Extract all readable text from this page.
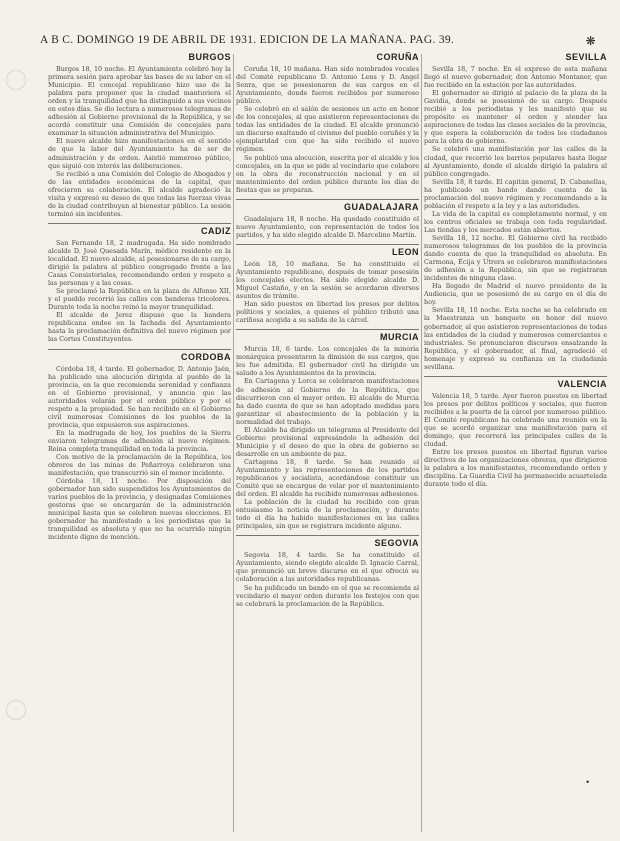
A B C. DOMINGO 19 DE ABRIL DE 1931. EDICION DE LA MAÑANA. PAG. 39.	❋
BURGOS

Burgos 18, 10 noche. El Ayuntamiento celebró hoy la primera sesión para aprobar las bases de su labor en el Municipio. El concejal republicano hizo uso de la palabra para proponer que la ciudad mantuviera el orden y la tranquilidad que ha distinguido a sus vecinos en estos días. Se dio lectura a numerosos telegramas de adhesión al Gobierno provisional de la República, y se acordó constituir una Comisión de concejales para examinar la situación administrativa del Municipio.

El nuevo alcalde hizo manifestaciones en el sentido de que la labor del Ayuntamiento ha de ser de administración y de orden. Asistió numeroso público, que siguió con interés las deliberaciones.

Se recibió a una Comisión del Colegio de Abogados y de las entidades económicas de la capital, que ofrecieron su colaboración. El alcalde agradeció la visita y expresó su deseo de que todas las fuerzas vivas de la ciudad contribuyan al bienestar público. La sesión terminó sin incidentes.

CADIZ

San Fernando 18, 2 madrugada. Ha sido nombrado alcalde D. José Quesada Marín, médico residente en la localidad. El nuevo alcalde, al posesionarse de su cargo, dirigió la palabra al público congregado frente a las Casas Consistoriales, recomendando orden y respeto a las personas y a las cosas.

Se proclamó la República en la plaza de Alfonso XII, y el pueblo recorrió las calles con banderas tricolores. Durante toda la noche reinó la mayor tranquilidad.

El alcalde de Jerez dispuso que la bandera republicana ondee en la fachada del Ayuntamiento hasta la proclamación definitiva del nuevo régimen por las Cortes Constituyentes.

CORDOBA

Córdoba 18, 4 tarde. El gobernador, D. Antonio Jaén, ha publicado una alocución dirigida al pueblo de la provincia, en la que recomienda serenidad y confianza en el Gobierno provisional, y anuncia que las autoridades velarán por el orden público y por el respeto a la propiedad. Se han recibido en el Gobierno civil numerosas Comisiones de los pueblos de la provincia, que expusieron sus aspiraciones.

En la madrugada de hoy, los pueblos de la Sierra enviaron telegramas de adhesión al nuevo régimen. Reina completa tranquilidad en toda la provincia.

Con motivo de la proclamación de la República, los obreros de las minas de Peñarroya celebraron una manifestación, que transcurrió sin el menor incidente.

Córdoba 18, 11 noche. Por disposición del gobernador han sido suspendidos los Ayuntamientos de varios pueblos de la provincia, y designadas Comisiones gestoras que se encargarán de la administración municipal hasta que se celebren nuevas elecciones. El gobernador ha manifestado a los periodistas que la tranquilidad es absoluta y que no ha ocurrido ningún incidente digno de mención.

CORUÑA

Coruña 18, 10 mañana. Han sido nombrados vocales del Comité republicano D. Antonio Lens y D. Angel Senra, que se posesionaron de sus cargos en el Ayuntamiento, donde fueron recibidos por numeroso público.

Se celebró en el salón de sesiones un acto en honor de los concejales, al que asistieron representaciones de todas las entidades de la ciudad. El alcalde pronunció un discurso exaltando el civismo del pueblo coruñés y la ejemplaridad con que ha sido recibido el nuevo régimen.

Se publicó una alocución, suscrita por el alcalde y los concejales, en la que se pide al vecindario que colabore en la obra de reconstrucción nacional y en el mantenimiento del orden público durante los días de fiestas que se preparan.

GUADALAJARA

Guadalajara 18, 8 noche. Ha quedado constituido el nuevo Ayuntamiento, con representación de todos los partidos, y ha sido elegido alcalde D. Marcelino Martín.

LEON

León 18, 10 mañana. Se ha constituido el Ayuntamiento republicano, después de tomar posesión los concejales electos. Ha sido elegido alcalde D. Miguel Castaño, y en la sesión se acordaron diversos asuntos de trámite.

Han sido puestos en libertad los presos por delitos políticos y sociales, a quienes el público tributó una cariñosa acogida a su salida de la cárcel.

MURCIA

Murcia 18, 6 tarde. Los concejales de la minoría monárquica presentaron la dimisión de sus cargos, que les fue admitida. El gobernador civil ha dirigido un saludo a los Ayuntamientos de la provincia.

En Cartagena y Lorca se celebraron manifestaciones de adhesión al Gobierno de la República, que discurrieron con el mayor orden. El alcalde de Murcia ha dado cuenta de que se han adoptado medidas para garantizar el abastecimiento de la población y la normalidad del trabajo.

El Alcalde ha dirigido un telegrama al Presidente del Gobierno provisional expresándole la adhesión del Municipio y el deseo de que la obra de gobierno se desarrolle en un ambiente de paz.

Cartagena 18, 8 tarde. Se han reunido el Ayuntamiento y las representaciones de los partidos republicanos y socialista, acordándose constituir un Comité que se encargue de velar por el mantenimiento del orden. El alcalde ha recibido numerosas adhesiones.

La población de la ciudad ha recibido con gran entusiasmo la noticia de la proclamación, y durante todo el día ha habido manifestaciones en las calles principales, sin que se registrara incidente alguno.

SEGOVIA

Segovia 18, 4 tarde. Se ha constituido el Ayuntamiento, siendo elegido alcalde D. Ignacio Carral, que pronunció un breve discurso en el que ofreció su colaboración a las autoridades republicanas.

Se ha publicado un bando en el que se recomienda al vecindario el mayor orden durante los festejos con que se celebrará la proclamación de la República.

SEVILLA

Sevilla 18, 7 noche. En el expreso de esta mañana llegó el nuevo gobernador, don Antonio Montaner, que fue recibido en la estación por las autoridades.

El gobernador se dirigió al palacio de la plaza de la Gavidia, donde se posesionó de su cargo. Después recibió a los periodistas y les manifestó que su propósito es mantener el orden y atender las aspiraciones de todas las clases sociales de la provincia, y que espera la colaboración de todos los ciudadanos para la obra de gobierno.

Se celebró una manifestación por las calles de la ciudad, que recorrió los barrios populares hasta llegar al Ayuntamiento, donde el alcalde dirigió la palabra al público congregado.

Sevilla 18, 8 tarde. El capitán general, D. Cabanellas, ha publicado un bando dando cuenta de la proclamación del nuevo régimen y recomendando a la población el respeto a la ley y a las autoridades.

La vida de la capital es completamente normal, y en los centros oficiales se trabaja con toda regularidad. Las tiendas y los mercados están abiertos.

Sevilla 18, 12 noche. El Gobierno civil ha recibido numerosos telegramas de los pueblos de la provincia dando cuenta de que la tranquilidad es absoluta. En Carmona, Écija y Utrera se celebraron manifestaciones de adhesión a la República, sin que se registraran incidentes de ninguna clase.

Ha llegado de Madrid el nuevo presidente de la Audiencia, que se posesionó de su cargo en el día de hoy.

Sevilla 18, 10 noche. Esta noche se ha celebrado en la Maestranza un banquete en honor del nuevo gobernador, al que asistieron representaciones de todas las entidades de la ciudad y numerosos comerciantes e industriales. Se pronunciaron discursos ensalzando la República, y el gobernador, al final, agradeció el homenaje y expresó su confianza en la ciudadanía sevillana.

VALENCIA

Valencia 18, 5 tarde. Ayer fueron puestos en libertad los presos por delitos políticos y sociales, que fueron recibidos a la puerta de la cárcel por numeroso público. El Comité republicano ha celebrado una reunión en la que se acordó organizar una manifestación para el domingo, que recorrerá las principales calles de la ciudad.

Entre los presos puestos en libertad figuran varios directivos de las organizaciones obreras, que dirigieron la palabra a los manifestantes, recomendando orden y disciplina. La Guardia Civil ha permanecido acuartelada durante todo el día.

•
